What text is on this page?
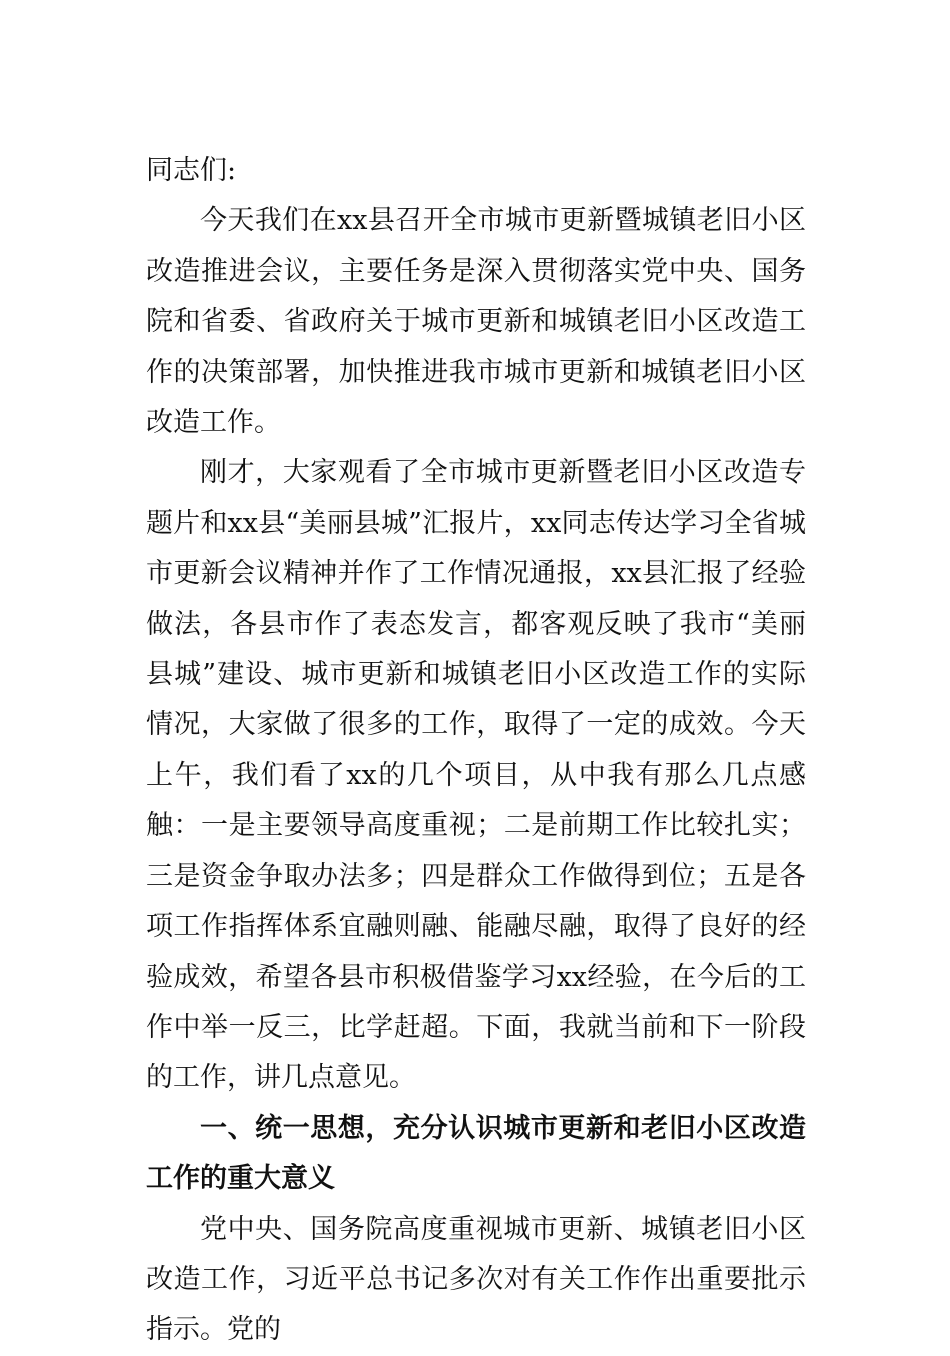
同志们:

今天我们在xx县召开全市城市更新暨城镇老旧小区改造推进会议，主要任务是深入贯彻落实党中央、国务院和省委、省政府关于城市更新和城镇老旧小区改造工作的决策部署，加快推进我市城市更新和城镇老旧小区改造工作。

刚才，大家观看了全市城市更新暨老旧小区改造专题片和xx县“美丽县城”汇报片，xx同志传达学习全省城市更新会议精神并作了工作情况通报，xx县汇报了经验做法，各县市作了表态发言，都客观反映了我市“美丽县城”建设、城市更新和城镇老旧小区改造工作的实际情况，大家做了很多的工作，取得了一定的成效。今天上午，我们看了xx的几个项目，从中我有那么几点感触：一是主要领导高度重视；二是前期工作比较扎实；三是资金争取办法多；四是群众工作做得到位；五是各项工作指挥体系宜融则融、能融尽融，取得了良好的经验成效，希望各县市积极借鉴学习xx经验，在今后的工作中举一反三，比学赶超。下面，我就当前和下一阶段的工作，讲几点意见。

一、统一思想，充分认识城市更新和老旧小区改造工作的重大意义

党中央、国务院高度重视城市更新、城镇老旧小区改造工作，习近平总书记多次对有关工作作出重要批示指示。党的
